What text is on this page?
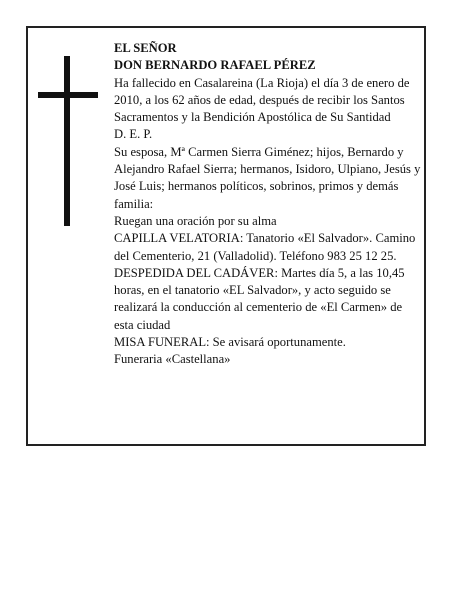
EL SEÑOR

DON BERNARDO RAFAEL PÉREZ

Ha fallecido en Casalareina (La Rioja) el día 3 de enero de 2010, a los 62 años de edad, después de recibir los Santos Sacramentos y la Bendición Apostólica de Su Santidad

D. E. P.

Su esposa, Mª Carmen Sierra Giménez; hijos, Bernardo y Alejandro Rafael Sierra; hermanos, Isidoro, Ulpiano, Jesús y José Luis; hermanos políticos, sobrinos, primos y demás familia:

Ruegan una oración por su alma

CAPILLA VELATORIA: Tanatorio «El Salvador». Camino del Cementerio, 21 (Valladolid). Teléfono 983 25 12 25.

DESPEDIDA DEL CADÁVER: Martes día 5, a las 10,45 horas, en el tanatorio «EL Salvador», y acto seguido se realizará la conducción al cementerio de «El Carmen» de esta ciudad

MISA FUNERAL: Se avisará oportunamente.

Funeraria «Castellana»
